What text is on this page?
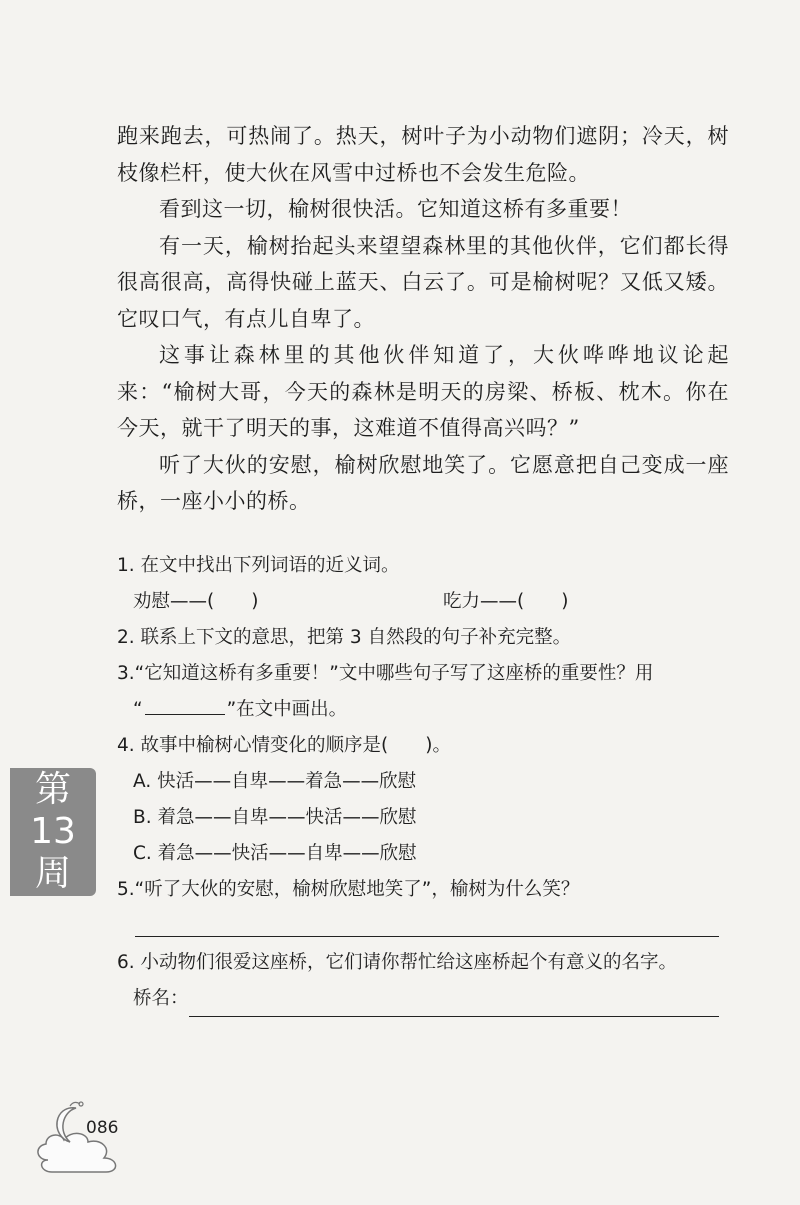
跑来跑去，可热闹了。热天，树叶子为小动物们遮阴；冷天，树枝像栏杆，使大伙在风雪中过桥也不会发生危险。

看到这一切，榆树很快活。它知道这桥有多重要！

有一天，榆树抬起头来望望森林里的其他伙伴，它们都长得很高很高，高得快碰上蓝天、白云了。可是榆树呢？又低又矮。它叹口气，有点儿自卑了。

这事让森林里的其他伙伴知道了，大伙哗哗地议论起来：“榆树大哥，今天的森林是明天的房梁、桥板、枕木。你在今天，就干了明天的事，这难道不值得高兴吗？”

听了大伙的安慰，榆树欣慰地笑了。它愿意把自己变成一座桥，一座小小的桥。

1. 在文中找出下列词语的近义词。
劝慰——(　　)	吃力——(　　)
2. 联系上下文的意思，把第 3 自然段的句子补充完整。
3.“它知道这桥有多重要！”文中哪些句子写了这座桥的重要性？用
“	”在文中画出。
4. 故事中榆树心情变化的顺序是(　　)。
A. 快活——自卑——着急——欣慰
B. 着急——自卑——快活——欣慰
C. 着急——快活——自卑——欣慰
5.“听了大伙的安慰，榆树欣慰地笑了”，榆树为什么笑？
6. 小动物们很爱这座桥，它们请你帮忙给这座桥起个有意义的名字。
桥名：
第
13
周
086
